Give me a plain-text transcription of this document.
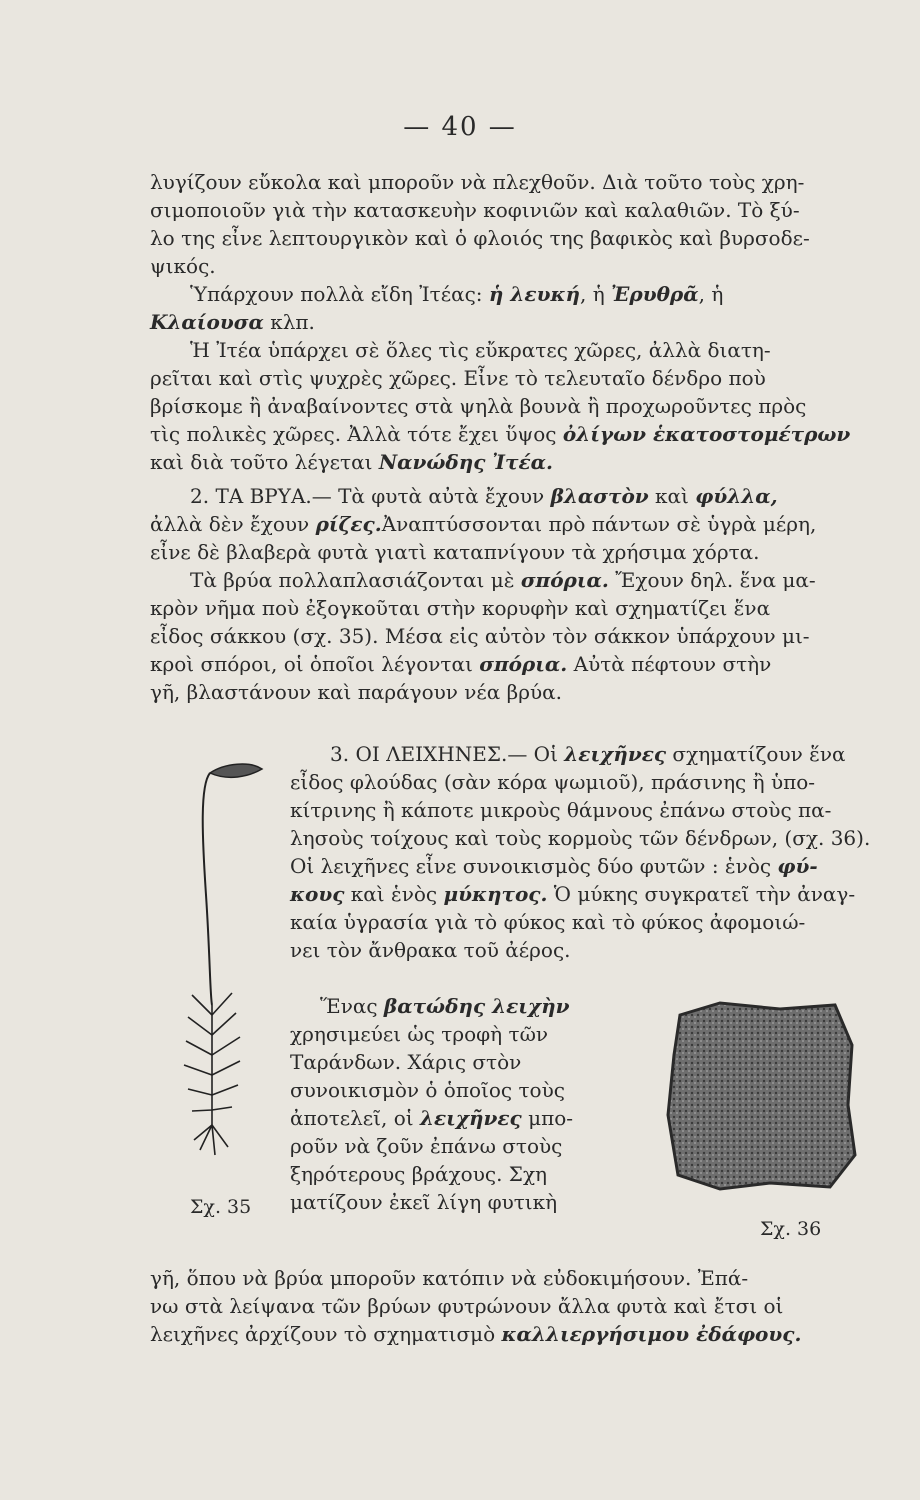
— 40 —
λυγίζουν εὔκολα καὶ μποροῦν νὰ πλεχθοῦν. Διὰ τοῦτο τοὺς χρη-
σιμοποιοῦν γιὰ τὴν κατασκευὴν κοφινιῶν καὶ καλαθιῶν. Τὸ ξύ-
λο της εἶνε λεπτουργικὸν καὶ ὁ φλοιός της βαφικὸς καὶ βυρσοδε-
ψικός.
Ὑπάρχουν πολλὰ εἴδη Ἰτέας: ἡ λευκή, ἡ Ἐρυθρᾶ, ἡ
Κλαίουσα κλπ.
Ἡ Ἰτέα ὑπάρχει σὲ ὅλες τὶς εὔκρατες χῶρες, ἀλλὰ διατη-
ρεῖται καὶ στὶς ψυχρὲς χῶρες. Εἶνε τὸ τελευταῖο δένδρο ποὺ
βρίσκομε ἢ ἀναβαίνοντες στὰ ψηλὰ βουνὰ ἢ προχωροῦντες πρὸς
τὶς πολικὲς χῶρες. Ἀλλὰ τότε ἔχει ὕψος ὀλίγων ἑκατοστομέτρων
καὶ διὰ τοῦτο λέγεται Νανώδης Ἰτέα.
2. ΤΑ ΒΡΥΑ.— Τὰ φυτὰ αὐτὰ ἔχουν βλαστὸν καὶ φύλλα,
ἀλλὰ δὲν ἔχουν ρίζες.Ἀναπτύσσονται πρὸ πάντων σὲ ὑγρὰ μέρη,
εἶνε δὲ βλαβερὰ φυτὰ γιατὶ καταπνίγουν τὰ χρήσιμα χόρτα.
Τὰ βρύα πολλαπλασιάζονται μὲ σπόρια. Ἔχουν δηλ. ἕνα μα-
κρὸν νῆμα ποὺ ἐξογκοῦται στὴν κορυφὴν καὶ σχηματίζει ἕνα
εἶδος σάκκου (σχ. 35). Μέσα εἰς αὐτὸν τὸν σάκκον ὑπάρχουν μι-
κροὶ σπόροι, οἱ ὁποῖοι λέγονται σπόρια. Αὐτὰ πέφτουν στὴν
γῆ, βλαστάνουν καὶ παράγουν νέα βρύα.
3. ΟΙ ΛΕΙΧΗΝΕΣ.— Οἱ λειχῆνες σχηματίζουν ἕνα
εἶδος φλούδας (σὰν κόρα ψωμιοῦ), πράσινης ἢ ὑπο-
κίτρινης ἢ κάποτε μικροὺς θάμνους ἐπάνω στοὺς πα-
λησοὺς τοίχους καὶ τοὺς κορμοὺς τῶν δένδρων, (σχ. 36).
Οἱ λειχῆνες εἶνε συνοικισμὸς δύο φυτῶν : ἑνὸς φύ-
κους καὶ ἑνὸς μύκητος. Ὁ μύκης συγκρατεῖ τὴν ἀναγ-
καία ὑγρασία γιὰ τὸ φύκος καὶ τὸ φύκος ἀφομοιώ-
νει τὸν ἄνθρακα τοῦ ἀέρος.
Ἕνας βατώδης λειχὴν
χρησιμεύει ὡς τροφὴ τῶν
Ταράνδων. Χάρις στὸν
συνοικισμὸν ὁ ὁποῖος τοὺς
ἀποτελεῖ, οἱ λειχῆνες μπο-
ροῦν νὰ ζοῦν ἐπάνω στοὺς
ξηρότερους βράχους. Σχη
ματίζουν ἐκεῖ λίγη φυτικὴ
γῆ, ὅπου νὰ βρύα μποροῦν κατόπιν νὰ εὐδοκιμήσουν. Ἐπά-
νω στὰ λείψανα τῶν βρύων φυτρώνουν ἄλλα φυτὰ καὶ ἔτσι οἱ
λειχῆνες ἀρχίζουν τὸ σχηματισμὸ καλλιεργήσιμου ἐδάφους.
Σχ. 35
Σχ. 36
